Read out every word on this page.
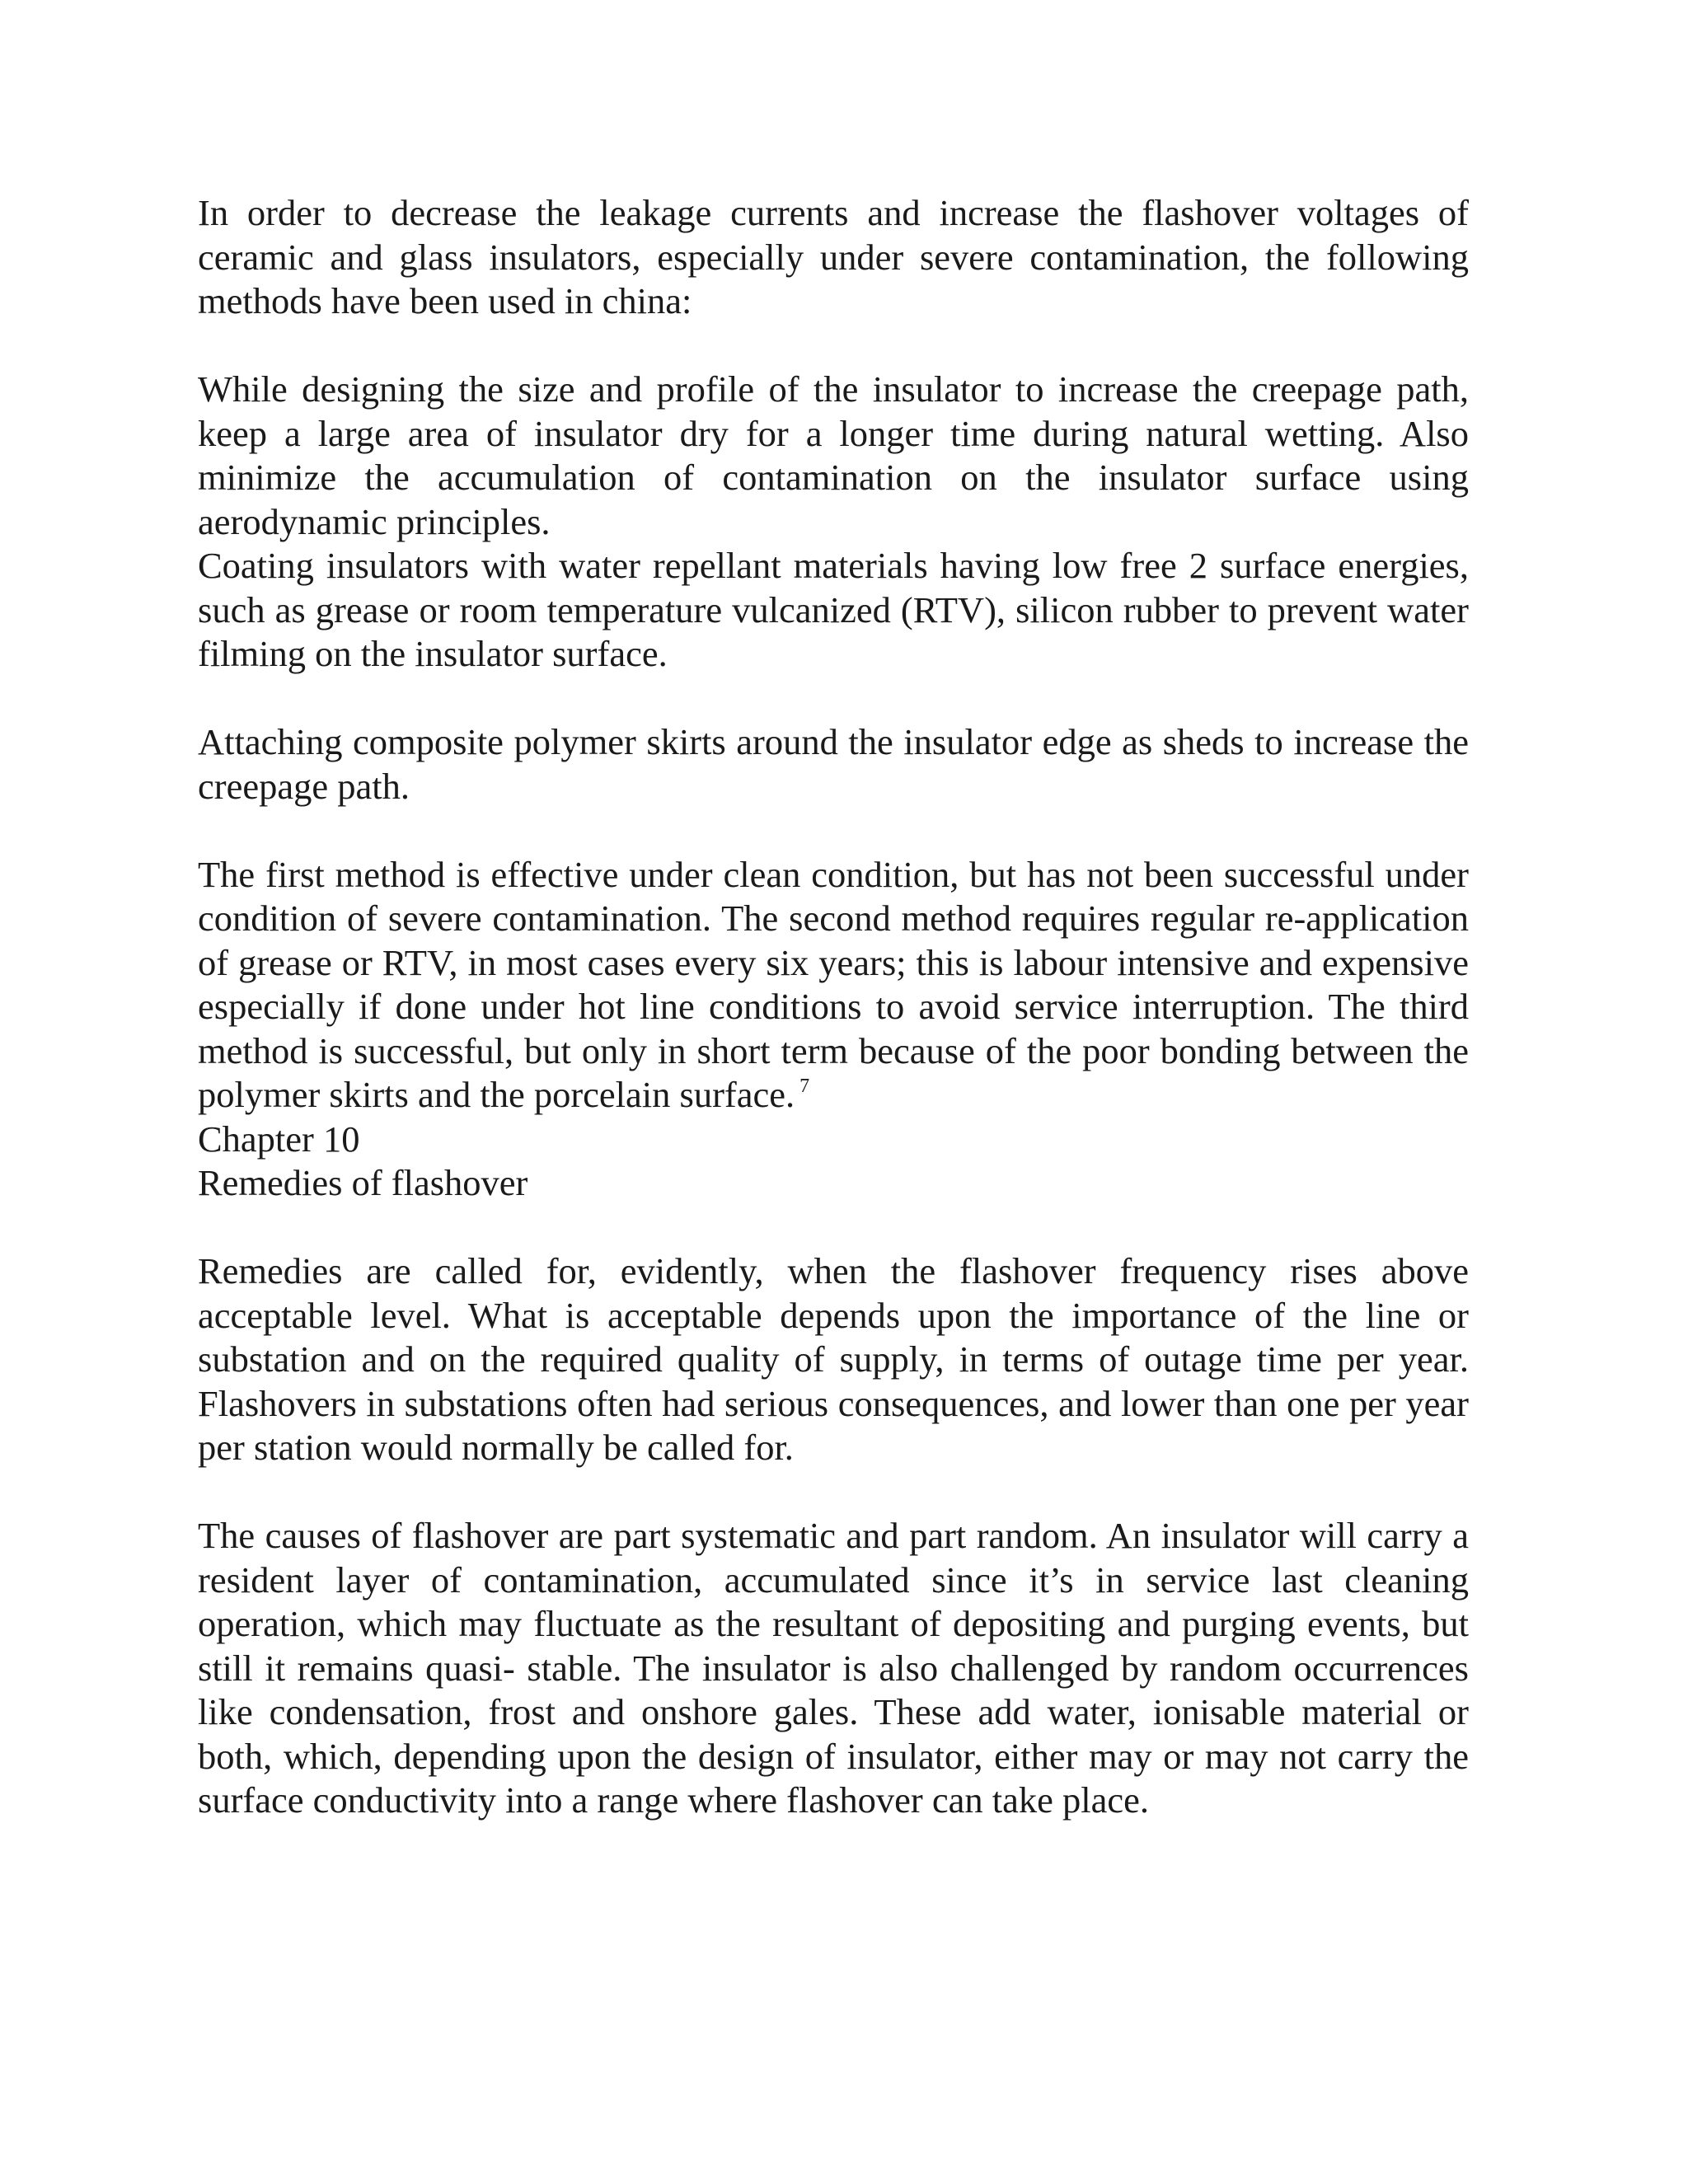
In order to decrease the leakage currents and increase the flashover voltages of ceramic and glass insulators, especially under severe contamination, the following methods have been used in china:

While designing the size and profile of the insulator to increase the creepage path, keep a large area of insulator dry for a longer time during natural wetting. Also minimize the accumulation of contamination on the insulator surface using aerodynamic principles.

Coating insulators with water repellant materials having low free 2 surface energies, such as grease or room temperature vulcanized (RTV), silicon rubber to prevent water filming on the insulator surface.

Attaching composite polymer skirts around the insulator edge as sheds to increase the creepage path.

The first method is effective under clean condition, but has not been successful under condition of severe contamination. The second method requires regular re-application of grease or RTV, in most cases every six years; this is labour intensive and expensive especially if done under hot line conditions to avoid service interruption. The third method is successful, but only in short term because of the poor bonding between the polymer skirts and the porcelain surface. $^7$

Chapter 10

Remedies of flashover

Remedies are called for, evidently, when the flashover frequency rises above acceptable level. What is acceptable depends upon the importance of the line or substation and on the required quality of supply, in terms of outage time per year. Flashovers in substations often had serious consequences, and lower than one per year per station would normally be called for.

The causes of flashover are part systematic and part random. An insulator will carry a resident layer of contamination, accumulated since it’s in service last cleaning operation, which may fluctuate as the resultant of depositing and purging events, but still it remains quasi- stable. The insulator is also challenged by random occurrences like condensation, frost and onshore gales. These add water, ionisable material or both, which, depending upon the design of insulator, either may or may not carry the surface conductivity into a range where flashover can take place.
